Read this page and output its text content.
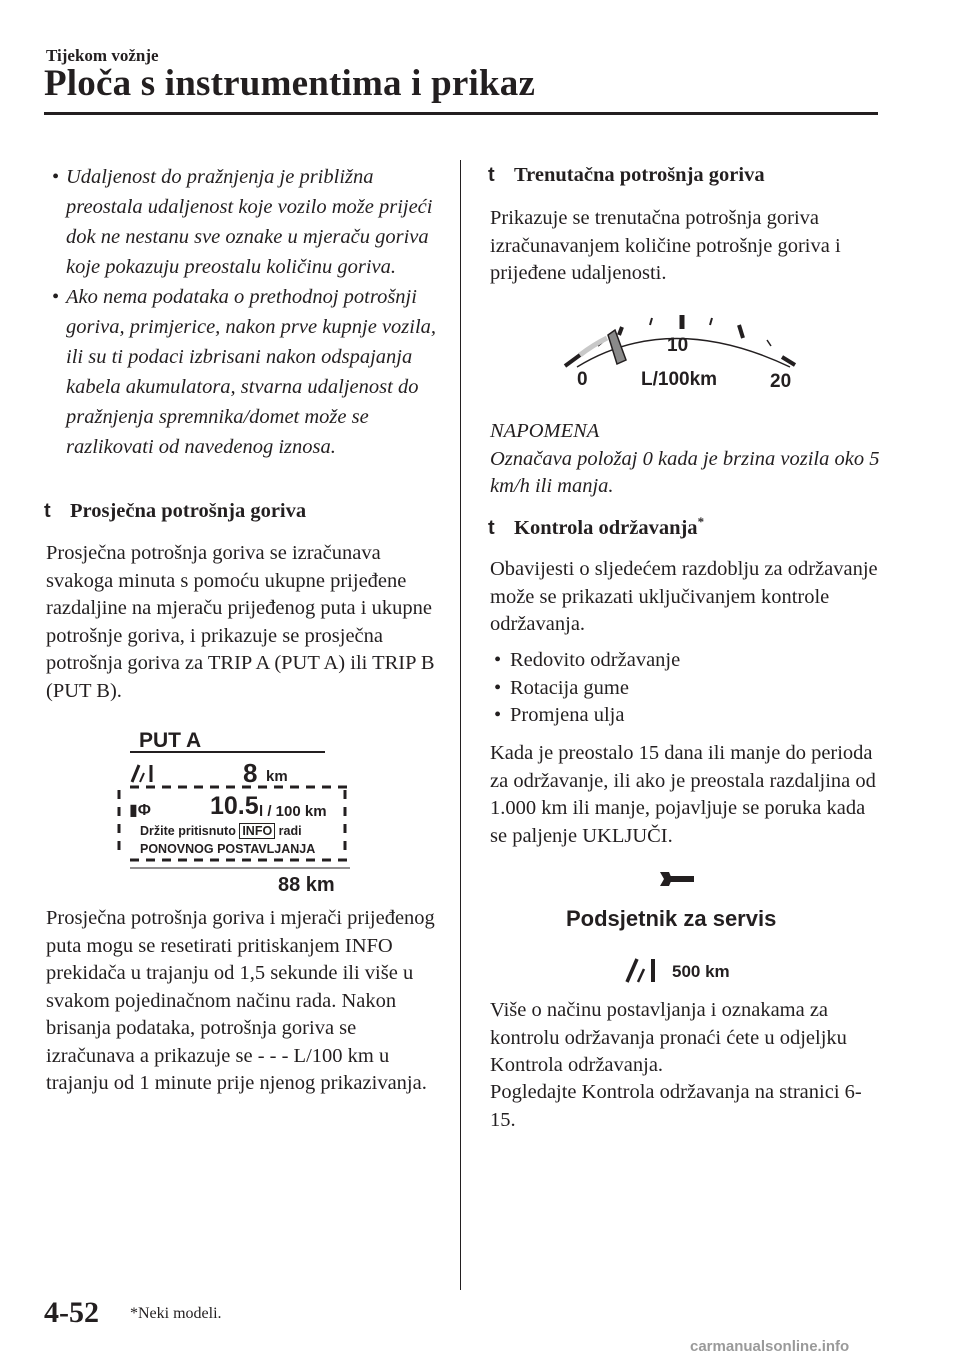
Tijekom vožnje
Ploča s instrumentima i prikaz
• Udaljenost do pražnjenja je približna preostala udaljenost koje vozilo može prijeći dok ne nestanu sve oznake u mjeraču goriva koje pokazuju preostalu količinu goriva.
• Ako nema podataka o prethodnoj potrošnji goriva, primjerice, nakon prve kupnje vozila, ili su ti podaci izbrisani nakon odspajanja kabela akumulatora, stvarna udaljenost do pražnjenja spremnika/domet može se razlikovati od navedenog iznosa.
t Prosječna potrošnja goriva

Prosječna potrošnja goriva se izračunava svakoga minuta s pomoću ukupne prijeđene razdaljine na mjeraču prijeđenog puta i ukupne potrošnje goriva, i prikazuje se prosječna potrošnja goriva za TRIP A (PUT A) ili TRIP B (PUT B).

PUT A
8 km
▮Φ 10.5 l / 100 km
Držite pritisnuto INFO radi
PONOVNOG POSTAVLJANJA
88 km

Prosječna potrošnja goriva i mjerači prijeđenog puta mogu se resetirati pritiskanjem INFO prekidača u trajanju od 1,5 sekunde ili više u svakom pojedinačnom načinu rada. Nakon brisanja podataka, potrošnja goriva se izračunava a prikazuje se - - - L/100 km u trajanju od 1 minute prije njenog prikazivanja.

t Trenutačna potrošnja goriva

Prikazuje se trenutačna potrošnja goriva izračunavanjem količine potrošnje goriva i prijeđene udaljenosti.

0
10
L/100km	20
NAPOMENA
Označava položaj 0 kada je brzina vozila oko 5 km/h ili manja.
t Kontrola održavanja*

Obavijesti o sljedećem razdoblju za održavanje može se prikazati uključivanjem kontrole održavanja.

• Redovito održavanje
• Rotacija gume
• Promjena ulja

Kada je preostalo 15 dana ili manje do perioda za održavanje, ili ako je preostala razdaljina od 1.000 km ili manje, pojavljuje se poruka kada se paljenje UKLJUČI.

Podsjetnik za servis
500 km

Više o načinu postavljanja i oznakama za kontrolu održavanja pronaći ćete u odjeljku Kontrola održavanja.

Pogledajte Kontrola održavanja na stranici 6-15.

4-52 *Neki modeli.
carmanualsonline.info
